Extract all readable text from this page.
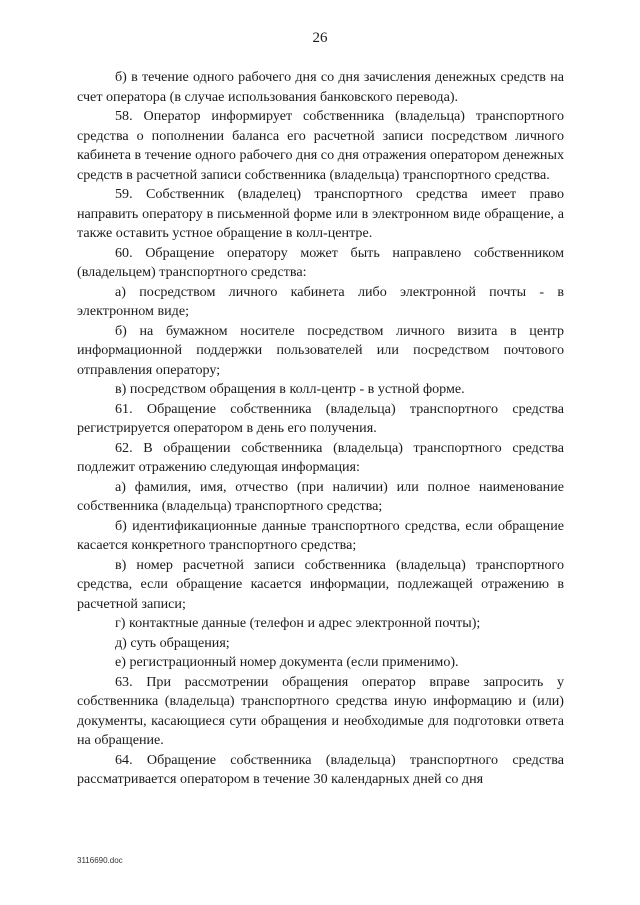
26

б) в течение одного рабочего дня со дня зачисления денежных средств на счет оператора (в случае использования банковского перевода).

58. Оператор информирует собственника (владельца) транспортного средства о пополнении баланса его расчетной записи посредством личного кабинета в течение одного рабочего дня со дня отражения оператором денежных средств в расчетной записи собственника (владельца) транспортного средства.

59. Собственник (владелец) транспортного средства имеет право направить оператору в письменной форме или в электронном виде обращение, а также оставить устное обращение в колл-центре.

60. Обращение оператору может быть направлено собственником (владельцем) транспортного средства:

а) посредством личного кабинета либо электронной почты - в электронном виде;

б) на бумажном носителе посредством личного визита в центр информационной поддержки пользователей или посредством почтового отправления оператору;

в) посредством обращения в колл-центр - в устной форме.

61. Обращение собственника (владельца) транспортного средства регистрируется оператором в день его получения.

62. В обращении собственника (владельца) транспортного средства подлежит отражению следующая информация:

а) фамилия, имя, отчество (при наличии) или полное наименование собственника (владельца) транспортного средства;

б) идентификационные данные транспортного средства, если обращение касается конкретного транспортного средства;

в) номер расчетной записи собственника (владельца) транспортного средства, если обращение касается информации, подлежащей отражению в расчетной записи;

г) контактные данные (телефон и адрес электронной почты);

д) суть обращения;

е) регистрационный номер документа (если применимо).

63. При рассмотрении обращения оператор вправе запросить у собственника (владельца) транспортного средства иную информацию и (или) документы, касающиеся сути обращения и необходимые для подготовки ответа на обращение.

64. Обращение собственника (владельца) транспортного средства рассматривается оператором в течение 30 календарных дней со дня

3116690.doc
